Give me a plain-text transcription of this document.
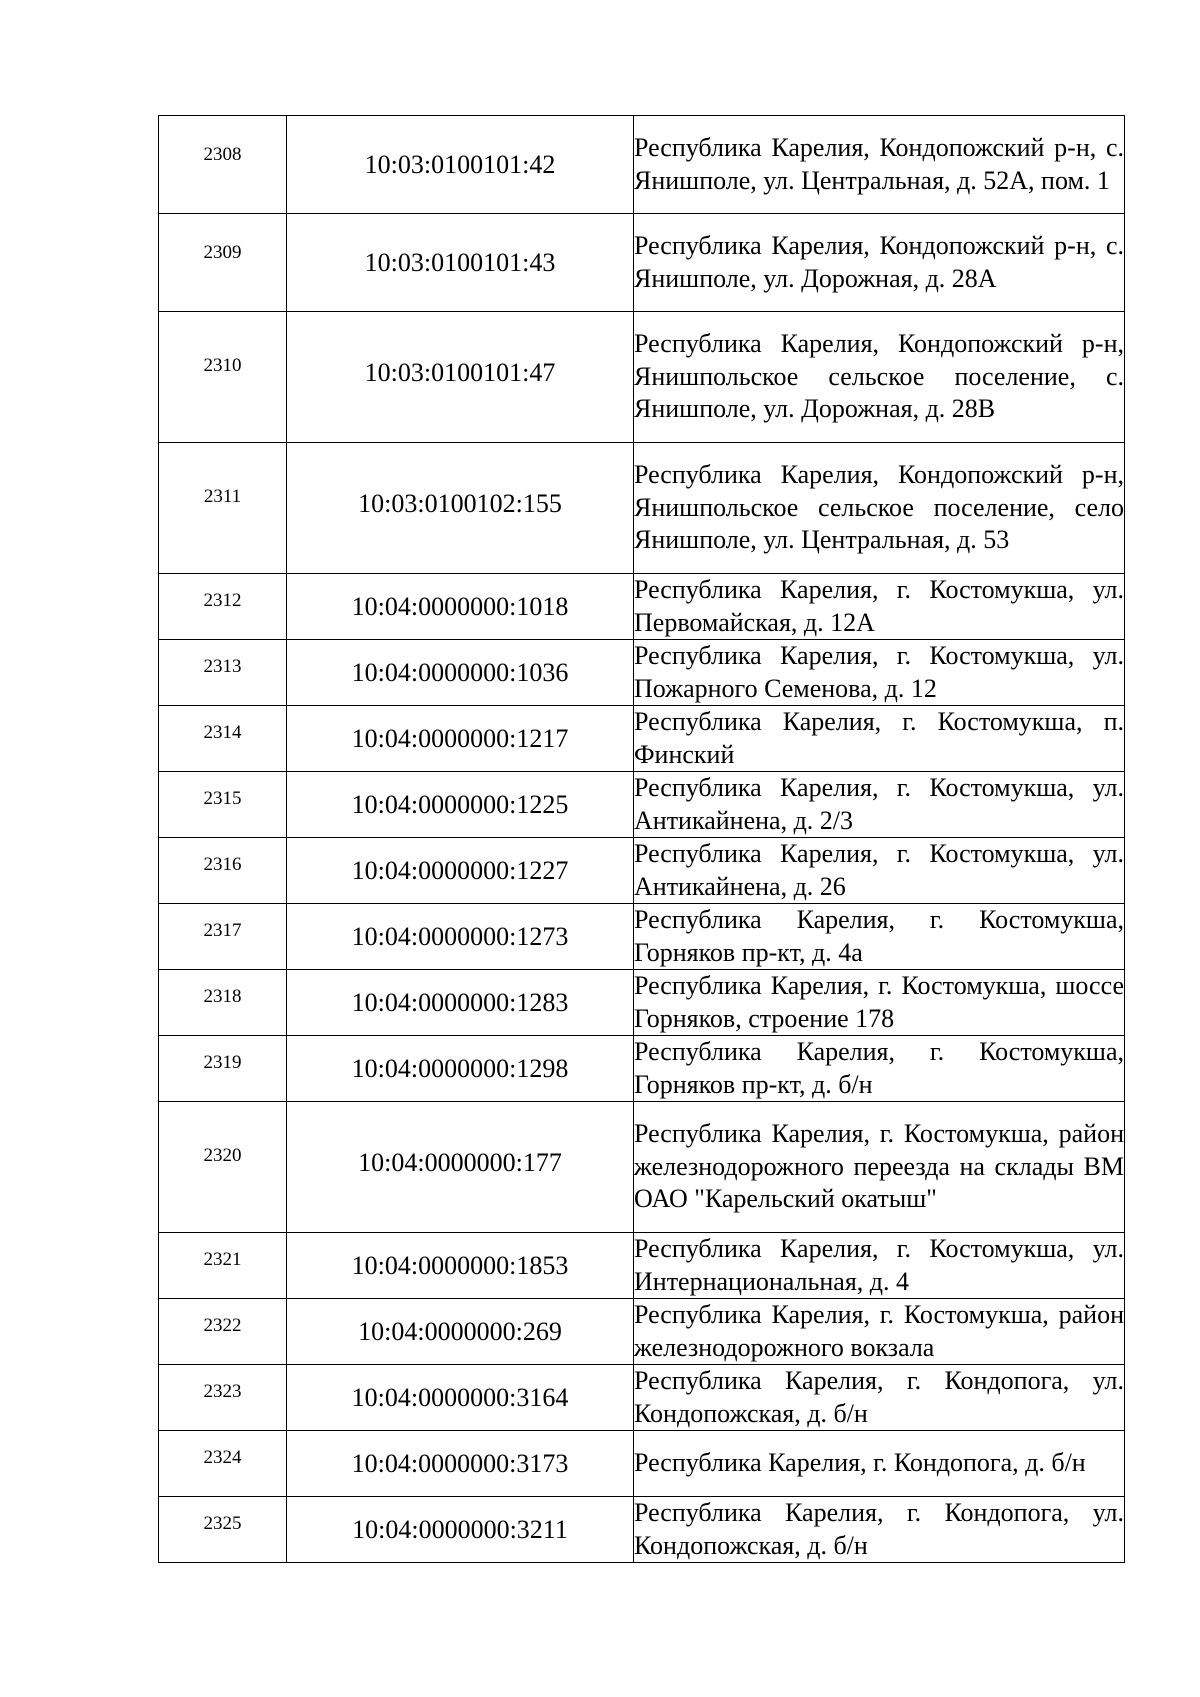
2308	10:03:0100101:42	Республика Карелия, Кондопожский р-н, с. Янишполе, ул. Центральная, д. 52А, пом. 1
2309	10:03:0100101:43	Республика Карелия, Кондопожский р-н, с. Янишполе, ул. Дорожная, д. 28А
2310	10:03:0100101:47	Республика Карелия, Кондопожский р-н, Янишпольское сельское поселение, с. Янишполе, ул. Дорожная, д. 28В
2311	10:03:0100102:155	Республика Карелия, Кондопожский р-н, Янишпольское сельское поселение, село Янишполе, ул. Центральная, д. 53
2312	10:04:0000000:1018	Республика Карелия, г. Костомукша, ул. Первомайская, д. 12А
2313	10:04:0000000:1036	Республика Карелия, г. Костомукша, ул. Пожарного Семенова, д. 12
2314	10:04:0000000:1217	Республика Карелия, г. Костомукша, п. Финский
2315	10:04:0000000:1225	Республика Карелия, г. Костомукша, ул. Антикайнена, д. 2/3
2316	10:04:0000000:1227	Республика Карелия, г. Костомукша, ул. Антикайнена, д. 26
2317	10:04:0000000:1273	Республика Карелия, г. Костомукша, Горняков пр-кт, д. 4а
2318	10:04:0000000:1283	Республика Карелия, г. Костомукша, шоссе Горняков, строение 178
2319	10:04:0000000:1298	Республика Карелия, г. Костомукша, Горняков пр-кт, д. б/н
2320	10:04:0000000:177	Республика Карелия, г. Костомукша, район железнодорожного переезда на склады ВМ ОАО "Карельский окатыш"
2321	10:04:0000000:1853	Республика Карелия, г. Костомукша, ул. Интернациональная, д. 4
2322	10:04:0000000:269	Республика Карелия, г. Костомукша, район железнодорожного вокзала
2323	10:04:0000000:3164	Республика Карелия, г. Кондопога, ул. Кондопожская, д. б/н
2324	10:04:0000000:3173	Республика Карелия, г. Кондопога, д. б/н
2325	10:04:0000000:3211	Республика Карелия, г. Кондопога, ул. Кондопожская, д. б/н
